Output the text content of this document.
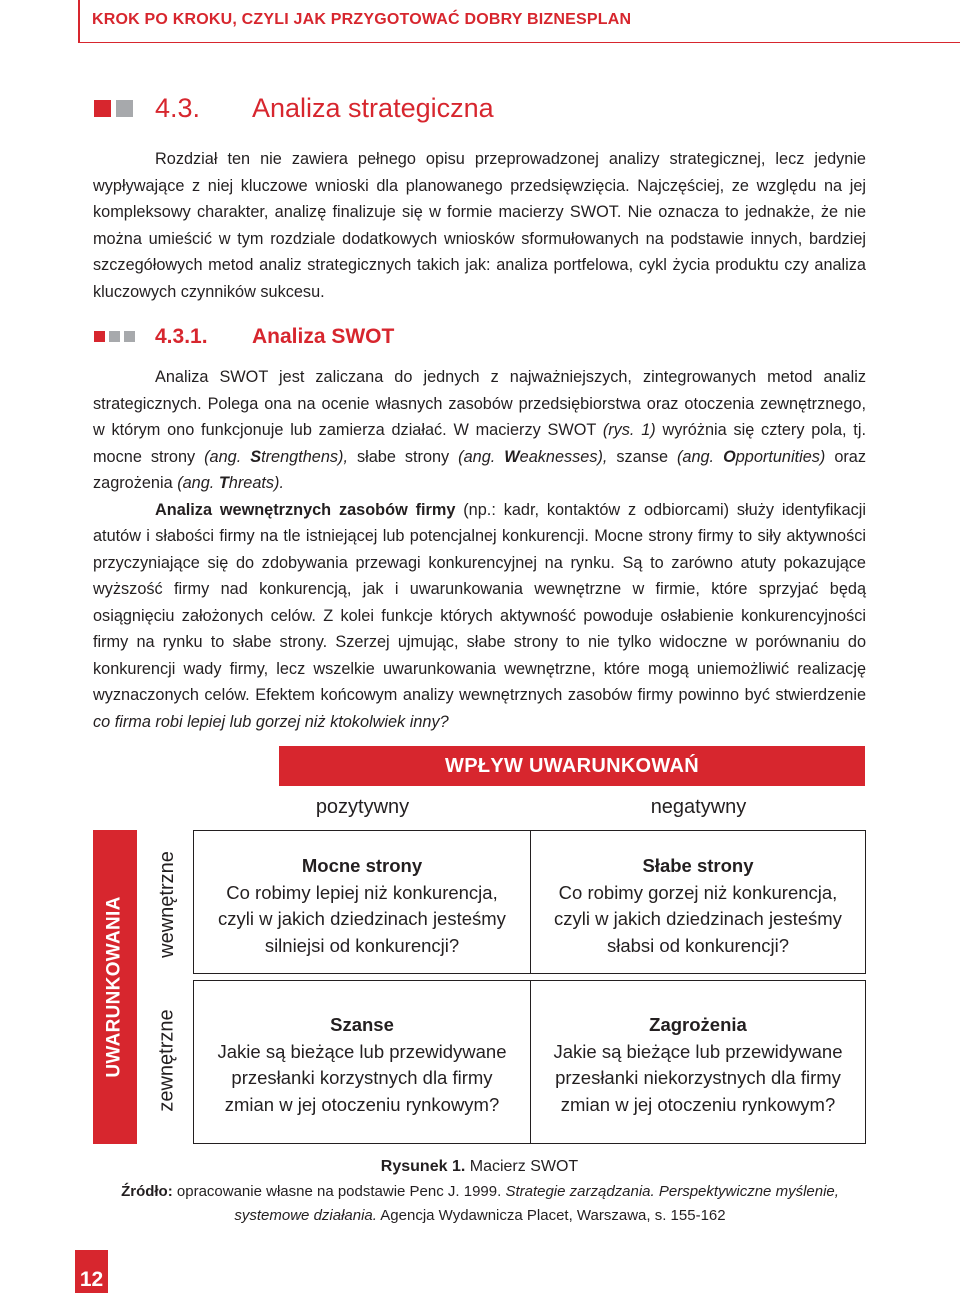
KROK PO KROKU, CZYLI JAK PRZYGOTOWAĆ DOBRY BIZNESPLAN
4.3. Analiza strategiczna

Rozdział ten nie zawiera pełnego opisu przeprowadzonej analizy strategicznej, lecz jedynie wypływające z niej kluczowe wnioski dla planowanego przedsięwzięcia. Najczęściej, ze względu na jej kompleksowy charakter, analizę finalizuje się w formie macierzy SWOT. Nie oznacza to jednakże, że nie można umieścić w tym rozdziale dodatkowych wniosków sformułowanych na podstawie innych, bardziej szczegółowych metod analiz strategicznych takich jak: analiza portfelowa, cykl życia produktu czy analiza kluczowych czynników sukcesu.

4.3.1. Analiza SWOT

Analiza SWOT jest zaliczana do jednych z najważniejszych, zintegrowanych metod analiz strategicznych. Polega ona na ocenie własnych zasobów przedsiębiorstwa oraz otoczenia zewnętrznego, w którym ono funkcjonuje lub zamierza działać. W macierzy SWOT (rys. 1) wyróżnia się cztery pola, tj. mocne strony (ang. Strengthens), słabe strony (ang. Weaknesses), szanse (ang. Opportunities) oraz zagrożenia (ang. Threats).

Analiza wewnętrznych zasobów firmy (np.: kadr, kontaktów z odbiorcami) służy identyfikacji atutów i słabości firmy na tle istniejącej lub potencjalnej konkurencji. Mocne strony firmy to siły aktywności przyczyniające się do zdobywania przewagi konkurencyjnej na rynku. Są to zarówno atuty pokazujące wyższość firmy nad konkurencją, jak i uwarunkowania wewnętrzne w firmie, które sprzyjać będą osiągnięciu założonych celów. Z kolei funkcje których aktywność powoduje osłabienie konkurencyjności firmy na rynku to słabe strony. Szerzej ujmując, słabe strony to nie tylko widoczne w porównaniu do konkurencji wady firmy, lecz wszelkie uwarunkowania wewnętrzne, które mogą uniemożliwić realizację wyznaczonych celów. Efektem końcowym analizy wewnętrznych zasobów firmy powinno być stwierdzenie co firma robi lepiej lub gorzej niż ktokolwiek inny?

WPŁYW UWARUNKOWAŃ
pozytywny	negatywny
UWARUNKOWANIA wewnętrzne
zewnętrzne
Mocne strony
Co robimy lepiej niż konkurencja,
czyli w jakich dziedzinach jesteśmy
silniejsi od konkurencji?
Słabe strony
Co robimy gorzej niż konkurencja,
czyli w jakich dziedzinach jesteśmy
słabsi od konkurencji?
Szanse
Jakie są bieżące lub przewidywane
przesłanki korzystnych dla firmy
zmian w jej otoczeniu rynkowym?
Zagrożenia
Jakie są bieżące lub przewidywane
przesłanki niekorzystnych dla firmy
zmian w jej otoczeniu rynkowym?
Rysunek 1. Macierz SWOT
Źródło: opracowanie własne na podstawie Penc J. 1999. Strategie zarządzania. Perspektywiczne myślenie, systemowe działania. Agencja Wydawnicza Placet, Warszawa, s. 155-162
12
